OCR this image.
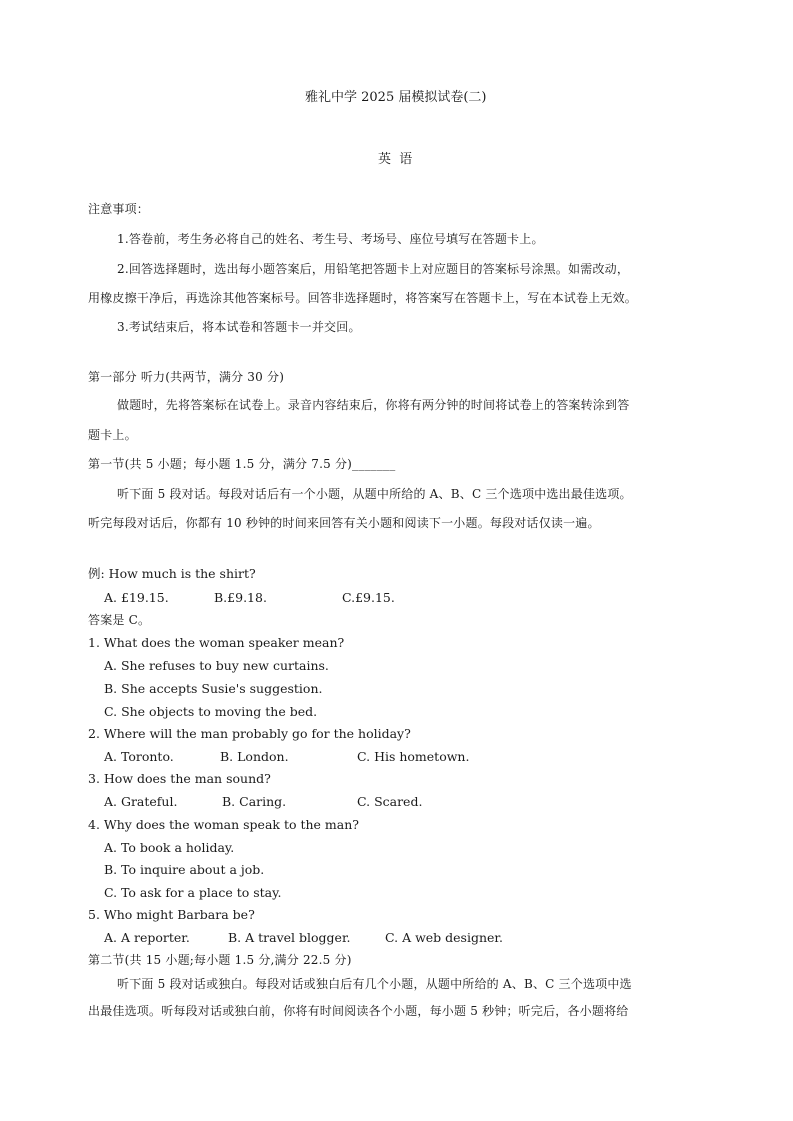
雅礼中学 2025 届模拟试卷(二)
英  语
注意事项：
1.答卷前，考生务必将自己的姓名、考生号、考场号、座位号填写在答题卡上。
2.回答选择题时，选出每小题答案后，用铅笔把答题卡上对应题目的答案标号涂黑。如需改动，
用橡皮擦干净后，再选涂其他答案标号。回答非选择题时，将答案写在答题卡上，写在本试卷上无效。
3.考试结束后，将本试卷和答题卡一并交回。
第一部分 听力(共两节，满分 30 分)
做题时，先将答案标在试卷上。录音内容结束后，你将有两分钟的时间将试卷上的答案转涂到答
题卡上。
第一节(共 5 小题；每小题 1.5 分，满分 7.5 分)_______
听下面 5 段对话。每段对话后有一个小题，从题中所给的 A、B、C 三个选项中选出最佳选项。
听完每段对话后，你都有 10 秒钟的时间来回答有关小题和阅读下一小题。每段对话仅读一遍。
例: How much is the shirt?
A. £19.15.	B.£9.18.	C.£9.15.
答案是 C。
1. What does the woman speaker mean?
A. She refuses to buy new curtains.
B. She accepts Susie's suggestion.
C. She objects to moving the bed.
2. Where will the man probably go for the holiday?
A. Toronto.	B. London.	C. His hometown.
3. How does the man sound?
A. Grateful.	B. Caring.	C. Scared.
4. Why does the woman speak to the man?
A. To book a holiday.
B. To inquire about a job.
C. To ask for a place to stay.
5. Who might Barbara be?
A. A reporter.	B. A travel blogger.	C. A web designer.
第二节(共 15 小题;每小题 1.5 分,满分 22.5 分)
听下面 5 段对话或独白。每段对话或独白后有几个小题，从题中所给的 A、B、C 三个选项中选
出最佳选项。听每段对话或独白前，你将有时间阅读各个小题，每小题 5 秒钟；听完后，各小题将给
